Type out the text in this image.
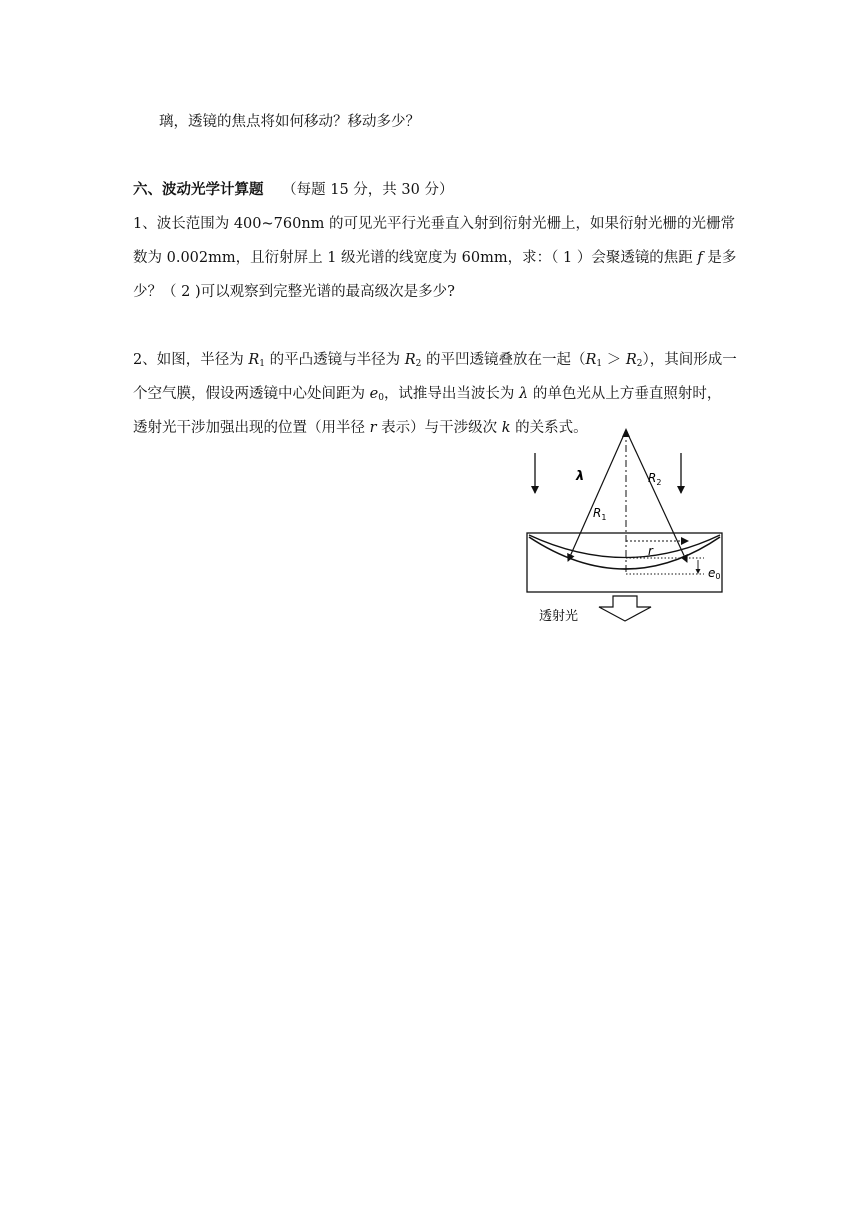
璃，透镜的焦点将如何移动？移动多少？
六、波动光学计算题 （每题 15 分，共 30 分）
1、波长范围为 400~760nm 的可见光平行光垂直入射到衍射光栅上，如果衍射光栅的光栅常
数为 0.002mm，且衍射屏上 1 级光谱的线宽度为 60mm，求：（ 1 ）会聚透镜的焦距 f 是多
少？（ 2 )可以观察到完整光谱的最高级次是多少?
2、如图，半径为 $R_1$ 的平凸透镜与半径为 $R_2$ 的平凹透镜叠放在一起$(R_1 > R_2)$，其间形成一
个空气膜，假设两透镜中心处间距为 $e_0$，试推导出当波长为 λ 的单色光从上方垂直照射时，
透射光干涉加强出现的位置（用半径 r 表示）与干涉级次 k 的关系式。
λ
$R_1$
$R_2$
r
e0
透射光
